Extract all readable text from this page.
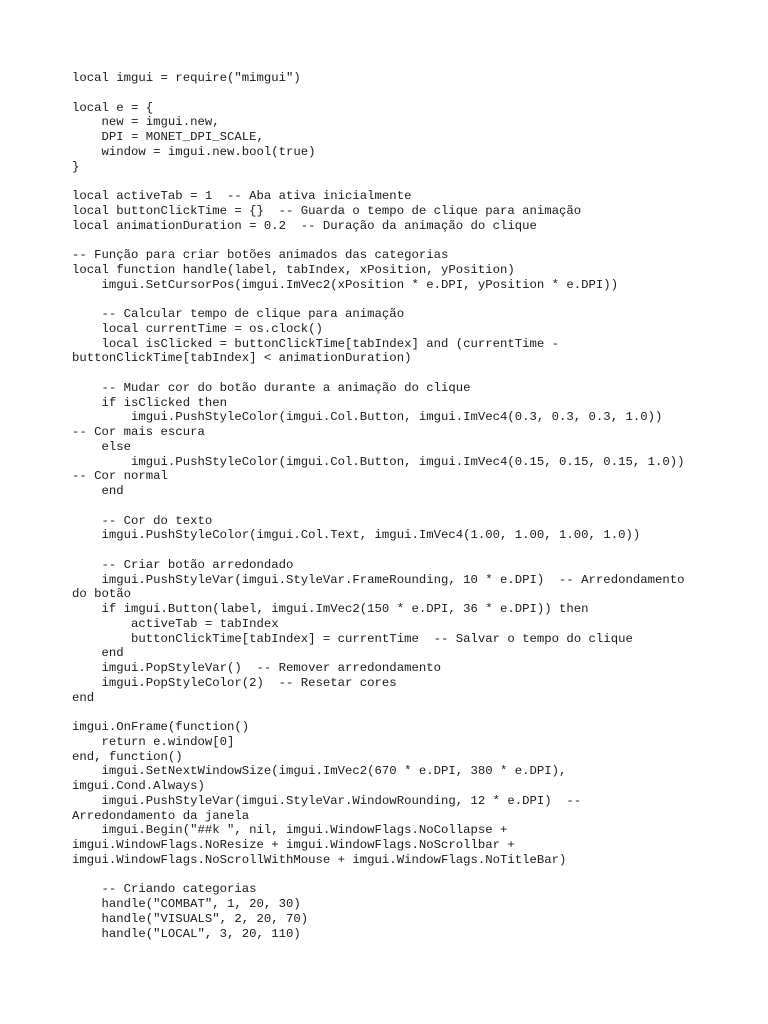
local imgui = require("mimgui")
local e = {
new = imgui.new,
DPI = MONET_DPI_SCALE,
window = imgui.new.bool(true)
}
local activeTab = 1  -- Aba ativa inicialmente
local buttonClickTime = {}  -- Guarda o tempo de clique para animação
local animationDuration = 0.2  -- Duração da animação do clique
-- Função para criar botões animados das categorias
local function handle(label, tabIndex, xPosition, yPosition)
imgui.SetCursorPos(imgui.ImVec2(xPosition * e.DPI, yPosition * e.DPI))
-- Calcular tempo de clique para animação
local currentTime = os.clock()
local isClicked = buttonClickTime[tabIndex] and (currentTime -
buttonClickTime[tabIndex] < animationDuration)
-- Mudar cor do botão durante a animação do clique
if isClicked then
imgui.PushStyleColor(imgui.Col.Button, imgui.ImVec4(0.3, 0.3, 0.3, 1.0))
-- Cor mais escura
else
imgui.PushStyleColor(imgui.Col.Button, imgui.ImVec4(0.15, 0.15, 0.15, 1.0))
-- Cor normal
end
-- Cor do texto
imgui.PushStyleColor(imgui.Col.Text, imgui.ImVec4(1.00, 1.00, 1.00, 1.0))
-- Criar botão arredondado
imgui.PushStyleVar(imgui.StyleVar.FrameRounding, 10 * e.DPI)  -- Arredondamento
do botão
if imgui.Button(label, imgui.ImVec2(150 * e.DPI, 36 * e.DPI)) then
activeTab = tabIndex
buttonClickTime[tabIndex] = currentTime  -- Salvar o tempo do clique
end
imgui.PopStyleVar()  -- Remover arredondamento
imgui.PopStyleColor(2)  -- Resetar cores
end
imgui.OnFrame(function()
return e.window[0]
end, function()
imgui.SetNextWindowSize(imgui.ImVec2(670 * e.DPI, 380 * e.DPI),
imgui.Cond.Always)
imgui.PushStyleVar(imgui.StyleVar.WindowRounding, 12 * e.DPI)  --
Arredondamento da janela
imgui.Begin("##k ", nil, imgui.WindowFlags.NoCollapse +
imgui.WindowFlags.NoResize + imgui.WindowFlags.NoScrollbar +
imgui.WindowFlags.NoScrollWithMouse + imgui.WindowFlags.NoTitleBar)
-- Criando categorias
handle("COMBAT", 1, 20, 30)
handle("VISUALS", 2, 20, 70)
handle("LOCAL", 3, 20, 110)
